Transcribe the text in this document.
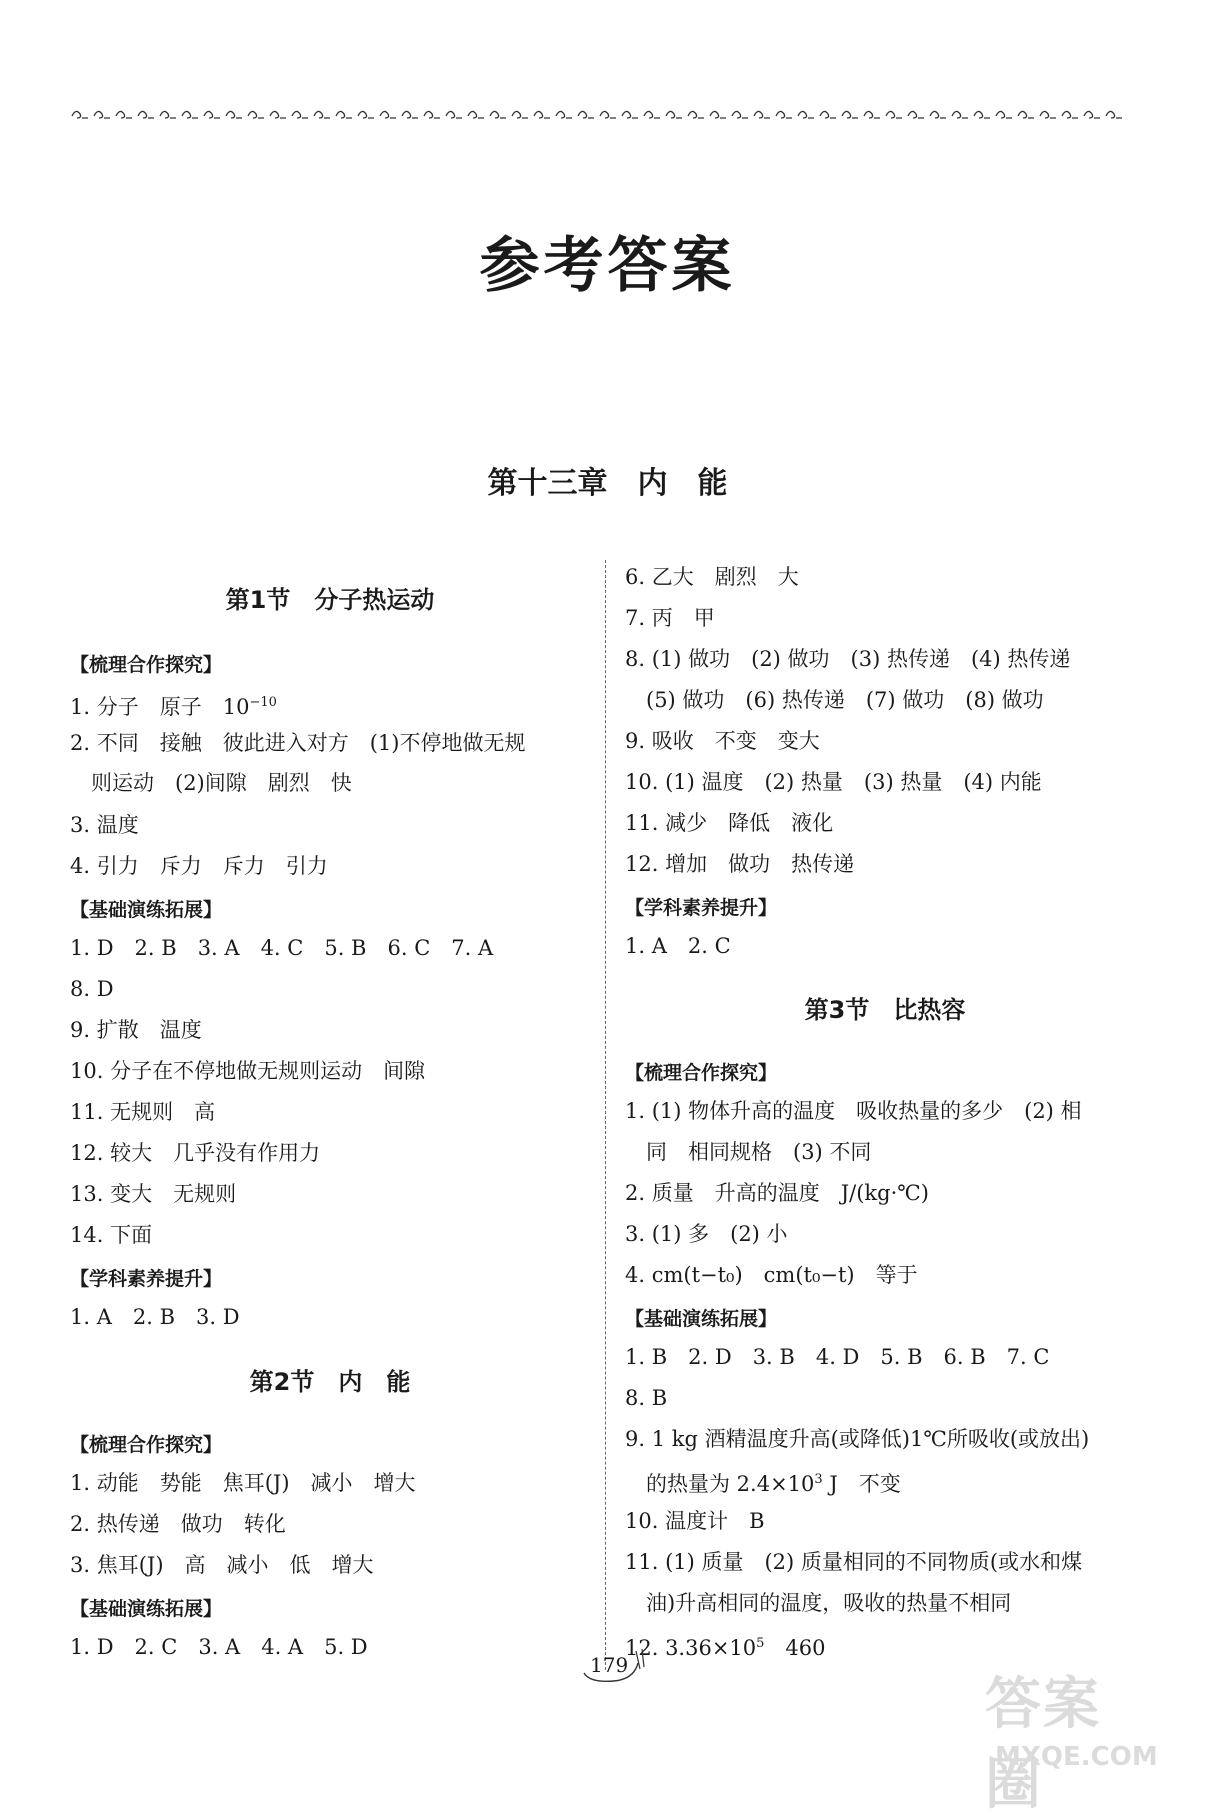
参考答案
第十三章　内　能
第1节　分子热运动
【梳理合作探究】
1. 分子　原子　$10^{-10}$
2. 不同　接触　彼此进入对方　(1)不停地做无规
　则运动　(2)间隙　剧烈　快
3. 温度
4. 引力　斥力　斥力　引力
【基础演练拓展】
1. D　2. B　3. A　4. C　5. B　6. C　7. A
8. D
9. 扩散　温度
10. 分子在不停地做无规则运动　间隙
11. 无规则　高
12. 较大　几乎没有作用力
13. 变大　无规则
14. 下面
【学科素养提升】
1. A　2. B　3. D
第2节　内　能
【梳理合作探究】
1. 动能　势能　焦耳(J)　减小　增大
2. 热传递　做功　转化
3. 焦耳(J)　高　减小　低　增大
【基础演练拓展】
1. D　2. C　3. A　4. A　5. D
6. 乙大　剧烈　大
7. 丙　甲
8. (1) 做功　(2) 做功　(3) 热传递　(4) 热传递
　(5) 做功　(6) 热传递　(7) 做功　(8) 做功
9. 吸收　不变　变大
10. (1) 温度　(2) 热量　(3) 热量　(4) 内能
11. 减少　降低　液化
12. 增加　做功　热传递
【学科素养提升】
1. A　2. C
第3节　比热容
【梳理合作探究】
1. (1) 物体升高的温度　吸收热量的多少　(2) 相
　同　相同规格　(3) 不同
2. 质量　升高的温度　J/(kg·℃)
3. (1) 多　(2) 小
4. cm(t−t₀)　cm(t₀−t)　等于
【基础演练拓展】
1. B　2. D　3. B　4. D　5. B　6. B　7. C
8. B
9. 1 kg 酒精温度升高(或降低)1℃所吸收(或放出)
　的热量为 $2.4\times 10^3$ J　不变
10. 温度计　B
11. (1) 质量　(2) 质量相同的不同物质(或水和煤
　油)升高相同的温度，吸收的热量不相同
12. $3.36\times 10^5$　460
179
答案圈
MXQE.COM
